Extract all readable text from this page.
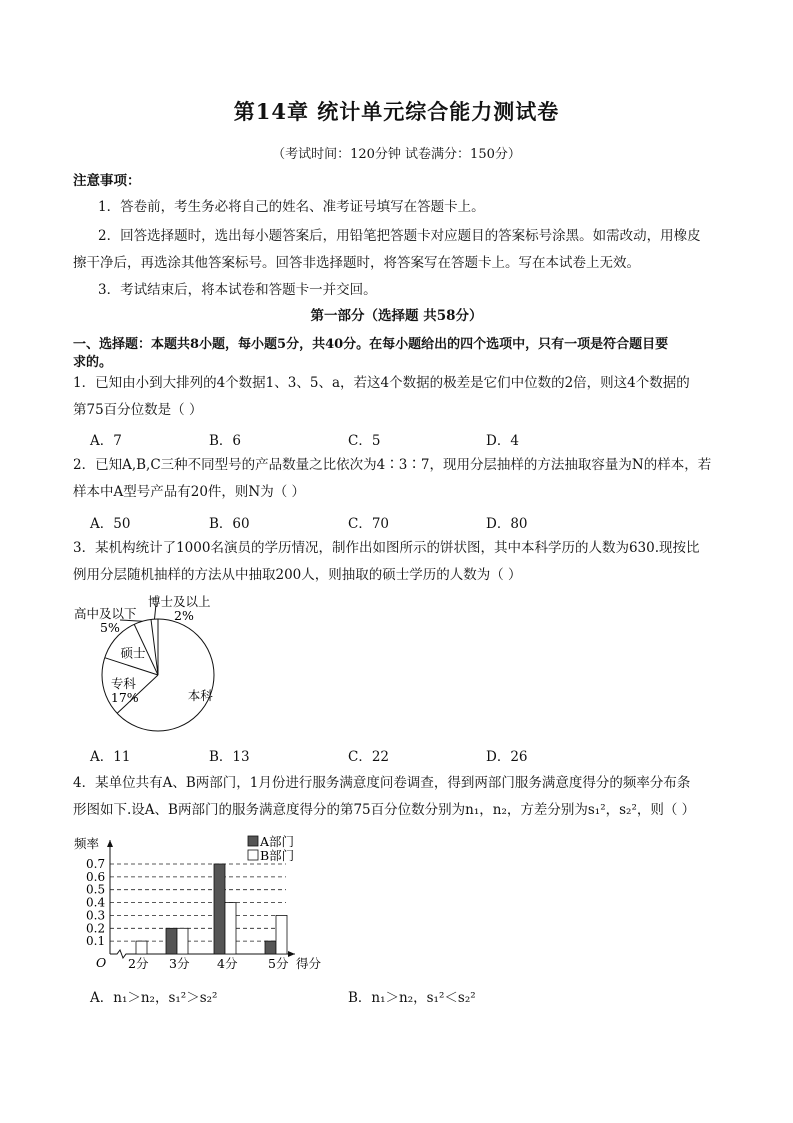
第14章 统计单元综合能力测试卷
（考试时间：120分钟 试卷满分：150分）
注意事项：
1．答卷前，考生务必将自己的姓名、准考证号填写在答题卡上。
2．回答选择题时，选出每小题答案后，用铅笔把答题卡对应题目的答案标号涂黑。如需改动，用橡皮
擦干净后，再选涂其他答案标号。回答非选择题时，将答案写在答题卡上。写在本试卷上无效。
3．考试结束后，将本试卷和答题卡一并交回。
第一部分（选择题 共58分）
一、选择题：本题共8小题，每小题5分，共40分。在每小题给出的四个选项中，只有一项是符合题目要
求的。
1．已知由小到大排列的4个数据1、3、5、a，若这4个数据的极差是它们中位数的2倍，则这4个数据的
第75百分位数是（ ）
A．7	B．6	C．5	D．4
2．已知A,B,C三种不同型号的产品数量之比依次为4∶3∶7，现用分层抽样的方法抽取容量为N的样本，若
样本中A型号产品有20件，则N为（ ）
A．50	B．60	C．70	D．80
3．某机构统计了1000名演员的学历情况，制作出如图所示的饼状图，其中本科学历的人数为630.现按比
例用分层随机抽样的方法从中抽取200人，则抽取的硕士学历的人数为（ ）
本科
专科
17%
硕士
高中及以下
5%
博士及以上
2%
A．11	B．13	C．22	D．26
4．某单位共有A、B两部门，1月份进行服务满意度问卷调查，得到两部门服务满意度得分的频率分布条
形图如下.设A、B两部门的服务满意度得分的第75百分位数分别为n₁，n₂，方差分别为s₁²，s₂²，则（ ）
0.1
0.2
0.3
0.4
0.5
0.6
0.7
频率
得分
O 2分 3分 4分 5分
A部门
B部门
A．n₁＞n₂，s₁²＞s₂²	B．n₁＞n₂，s₁²＜s₂²
